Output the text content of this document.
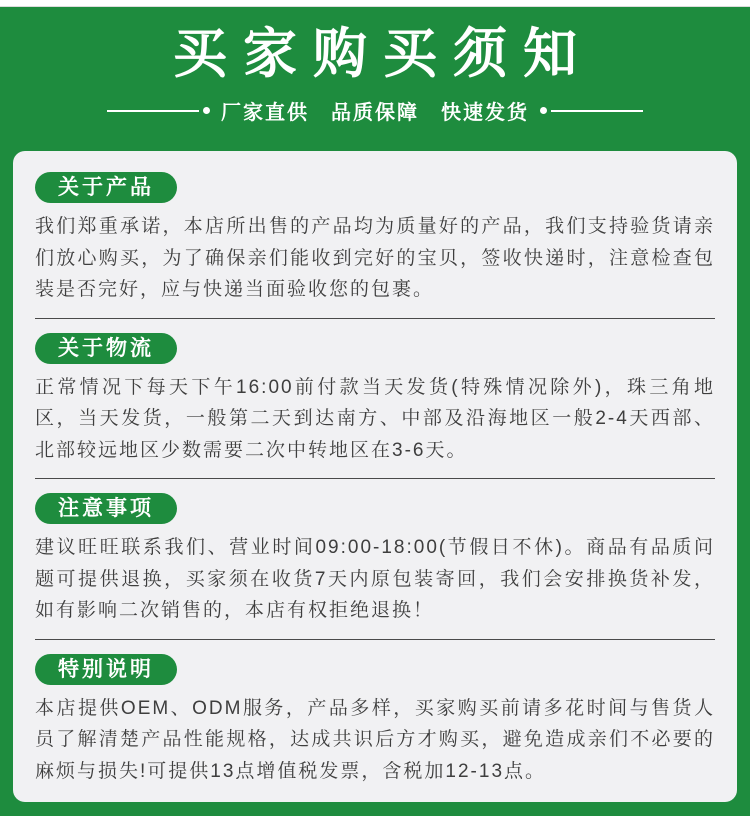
买家购买须知
厂家直供　品质保障　快速发货
关于产品

我们郑重承诺，本店所出售的产品均为质量好的产品，我们支持验货请亲们放心购买，为了确保亲们能收到完好的宝贝，签收快递时，注意检查包装是否完好，应与快递当面验收您的包裹。

关于物流

正常情况下每天下午16:00前付款当天发货(特殊情况除外)，珠三角地区，当天发货，一般第二天到达南方、中部及沿海地区一般2-4天西部、北部较远地区少数需要二次中转地区在3-6天。

注意事项

建议旺旺联系我们、营业时间09:00-18:00(节假日不休)。商品有品质问题可提供退换，买家须在收货7天内原包装寄回，我们会安排换货补发，如有影响二次销售的，本店有权拒绝退换！

特别说明

本店提供OEM、ODM服务，产品多样，买家购买前请多花时间与售货人员了解清楚产品性能规格，达成共识后方才购买，避免造成亲们不必要的麻烦与损失!可提供13点增值税发票，含税加12-13点。
